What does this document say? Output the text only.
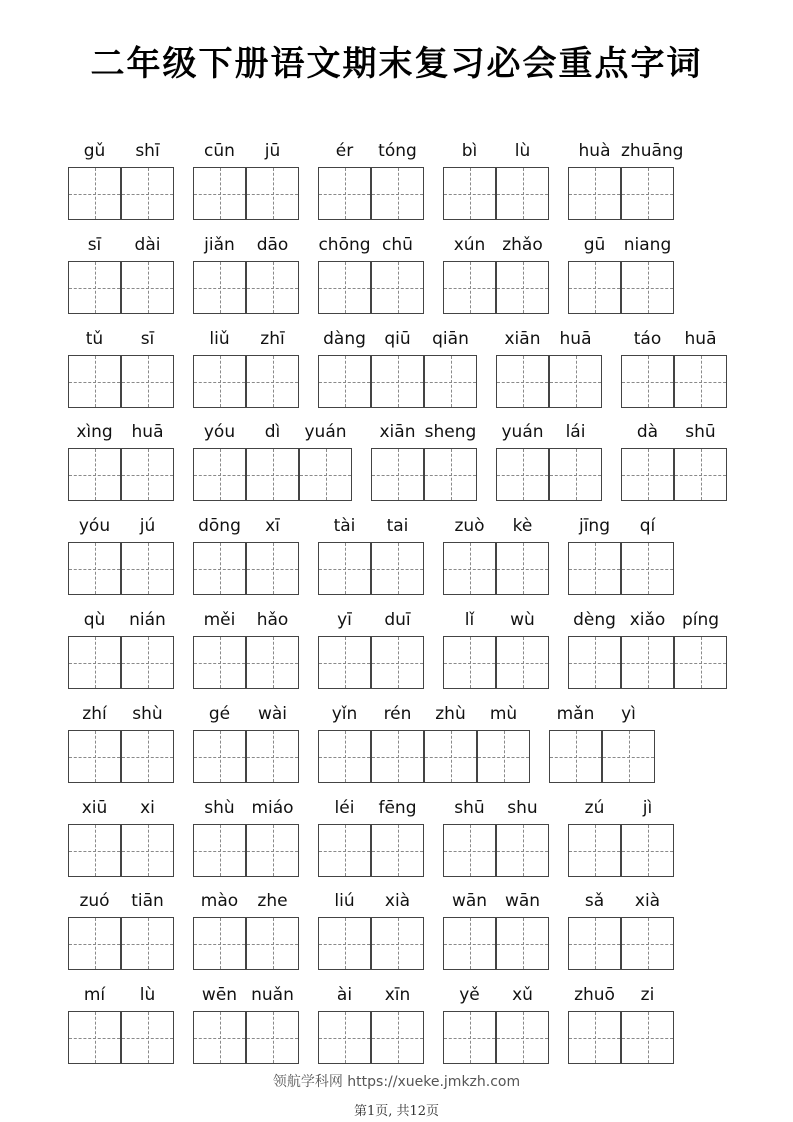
二年级下册语文期末复习必会重点字词
gǔ	shī	cūn	jū	ér	tóng	bì	lù	huà zhuāng
sī	dài	jiǎn	dāo	chōng chū	xún zhǎo	gū	niang
tǔ	sī	liǔ	zhī	dàng	qiū	qiān	xiān	huā	táo	huā
xìng	huā	yóu	dì	yuán	xiān sheng	yuán	lái	dà	shū
yóu	jú	dōng	xī	tài	tai	zuò	kè	jīng	qí
qù	nián	měi	hǎo	yī	duī	lǐ	wù	dèng xiǎo píng
zhí	shù	gé	wài	yǐn	rén	zhù	mù	mǎn	yì
xiū	xi	shù miáo	léi	fēng	shū	shu	zú	jì
zuó	tiān	mào	zhe	liú	xià	wān	wān	sǎ	xià
mí	lù	wēn nuǎn	ài	xīn	yě	xǔ	zhuō	zi
领航学科网 https://xueke.jmkzh.com
第1页, 共12页
